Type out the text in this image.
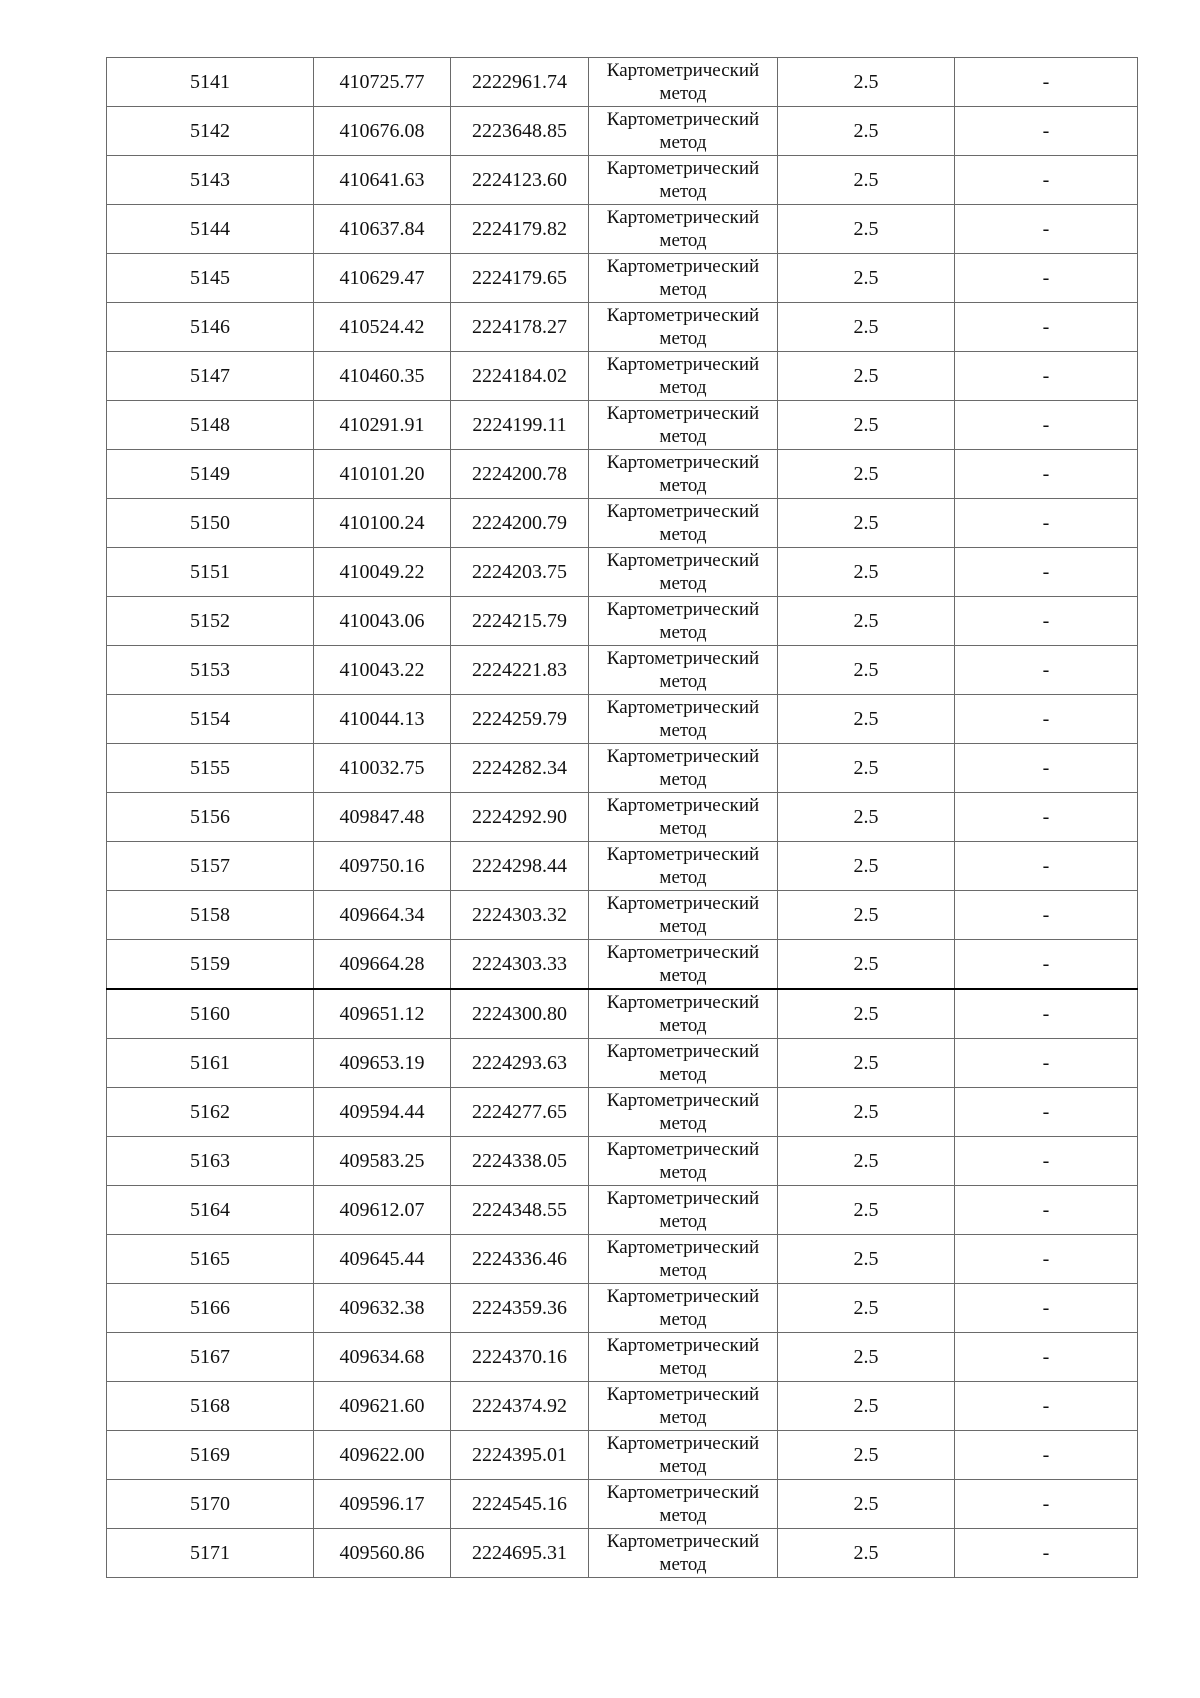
5141	410725.77	2222961.74	Картометрический
метод	2.5	-
5142	410676.08	2223648.85	Картометрический
метод	2.5	-
5143	410641.63	2224123.60	Картометрический
метод	2.5	-
5144	410637.84	2224179.82	Картометрический
метод	2.5	-
5145	410629.47	2224179.65	Картометрический
метод	2.5	-
5146	410524.42	2224178.27	Картометрический
метод	2.5	-
5147	410460.35	2224184.02	Картометрический
метод	2.5	-
5148	410291.91	2224199.11	Картометрический
метод	2.5	-
5149	410101.20	2224200.78	Картометрический
метод	2.5	-
5150	410100.24	2224200.79	Картометрический
метод	2.5	-
5151	410049.22	2224203.75	Картометрический
метод	2.5	-
5152	410043.06	2224215.79	Картометрический
метод	2.5	-
5153	410043.22	2224221.83	Картометрический
метод	2.5	-
5154	410044.13	2224259.79	Картометрический
метод	2.5	-
5155	410032.75	2224282.34	Картометрический
метод	2.5	-
5156	409847.48	2224292.90	Картометрический
метод	2.5	-
5157	409750.16	2224298.44	Картометрический
метод	2.5	-
5158	409664.34	2224303.32	Картометрический
метод	2.5	-
5159	409664.28	2224303.33	Картометрический
метод	2.5	-
5160	409651.12	2224300.80	Картометрический
метод	2.5	-
5161	409653.19	2224293.63	Картометрический
метод	2.5	-
5162	409594.44	2224277.65	Картометрический
метод	2.5	-
5163	409583.25	2224338.05	Картометрический
метод	2.5	-
5164	409612.07	2224348.55	Картометрический
метод	2.5	-
5165	409645.44	2224336.46	Картометрический
метод	2.5	-
5166	409632.38	2224359.36	Картометрический
метод	2.5	-
5167	409634.68	2224370.16	Картометрический
метод	2.5	-
5168	409621.60	2224374.92	Картометрический
метод	2.5	-
5169	409622.00	2224395.01	Картометрический
метод	2.5	-
5170	409596.17	2224545.16	Картометрический
метод	2.5	-
5171	409560.86	2224695.31	Картометрический
метод	2.5	-
